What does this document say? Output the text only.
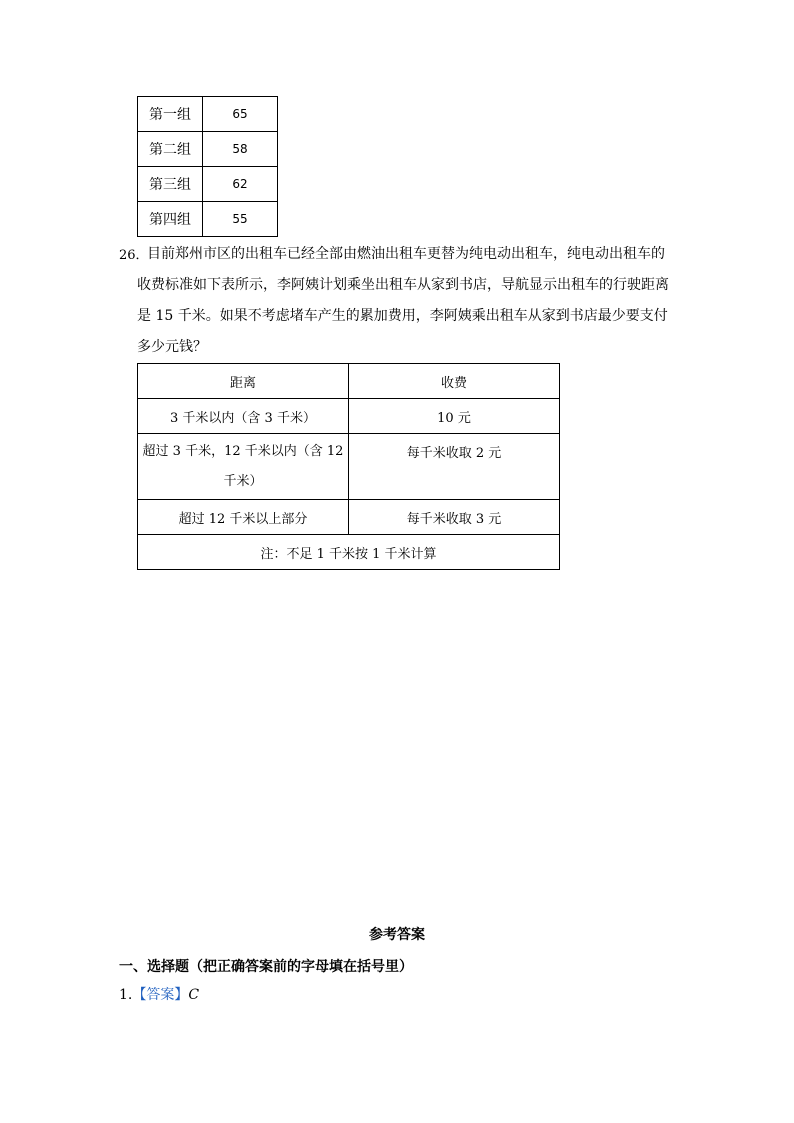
第一组	65
第二组	58
第三组	62
第四组	55
26．
目前郑州市区的出租车已经全部由燃油出租车更替为纯电动出租车，纯电动出租车的
收费标准如下表所示，李阿姨计划乘坐出租车从家到书店，导航显示出租车的行驶距离
是 15 千米。如果不考虑堵车产生的累加费用，李阿姨乘出租车从家到书店最少要支付
多少元钱？
距离	收费
3 千米以内（含 3 千米）	10 元

超过 3 千米，12 千米以内（含 12
千米）	每千米收取 2 元
超过 12 千米以上部分	每千米收取 3 元
注：不足 1 千米按 1 千米计算	
参考答案
一、选择题（把正确答案前的字母填在括号里）
1.【答案】C
